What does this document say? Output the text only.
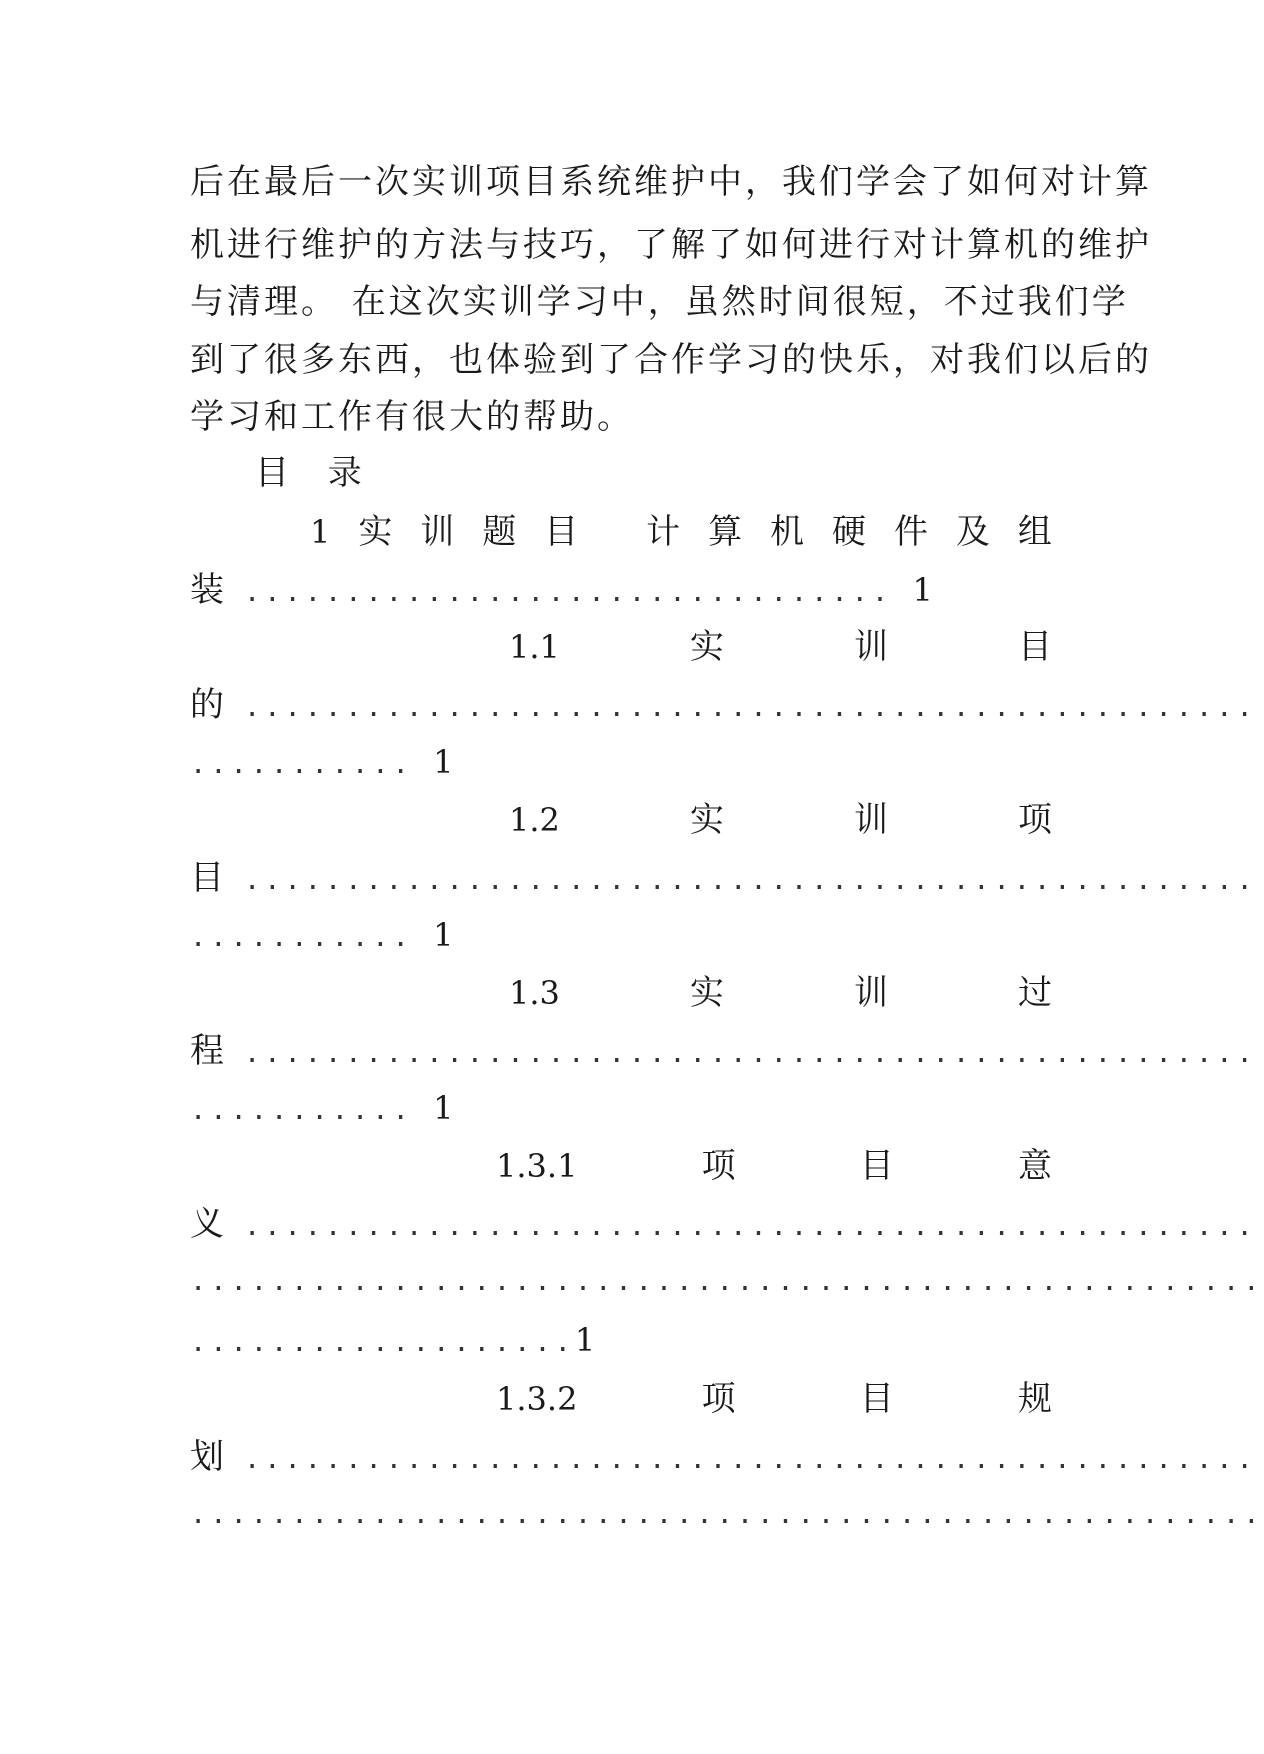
后在最后一次实训项目系统维护中，我们学会了如何对计算
机进行维护的方法与技巧，了解了如何进行对计算机的维护
与清理。 在这次实训学习中，虽然时间很短，不过我们学
到了很多东西，也体验到了合作学习的快乐，对我们以后的
学习和工作有很大的帮助。
目 录
1 实 训 题 目 计 算 机 硬 件 及 组
装 ................................ 1
1.1	实	训	目
的 ..................................................
........... 1
1.2	实	训	项
目 ..................................................
........... 1
1.3	实	训	过
程 ..................................................
........... 1
1.3.1	项	目	意
义 ..................................................
.....................................................
...................1
1.3.2	项	目	规
划 ..................................................
.....................................................
